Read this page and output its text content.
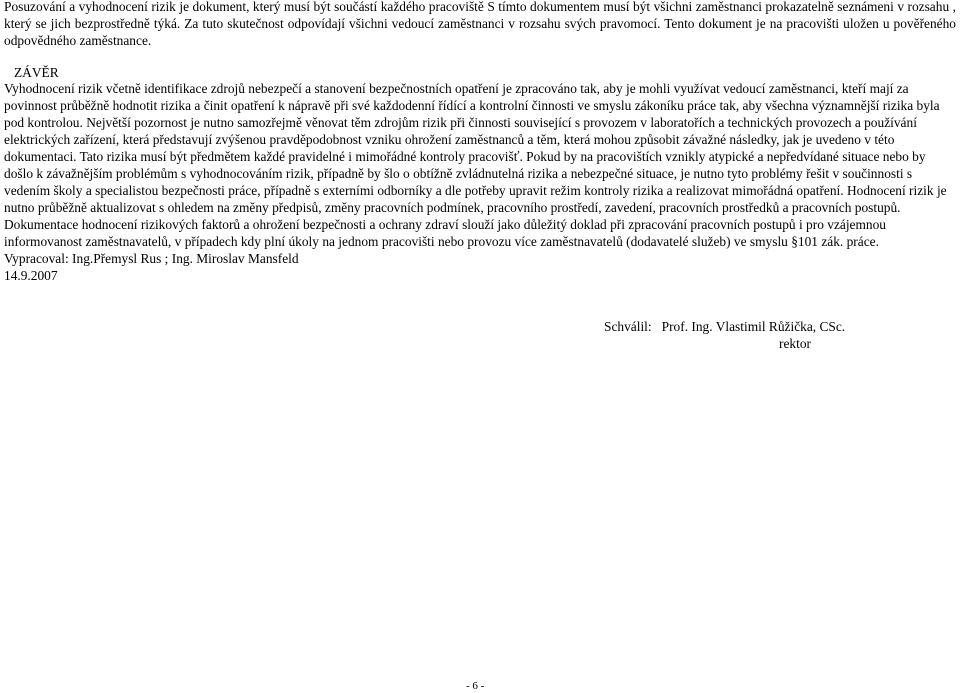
Posuzování a vyhodnocení rizik je dokument, který musí být součástí každého pracoviště S tímto dokumentem musí být všichni zaměstnanci prokazatelně seznámeni v rozsahu , který se jich bezprostředně týká. Za tuto skutečnost odpovídají všichni vedoucí zaměstnanci v rozsahu svých pravomocí. Tento dokument je na pracovišti uložen u pověřeného odpovědného zaměstnance.

ZÁVĚR

Vyhodnocení rizik včetně identifikace zdrojů nebezpečí a stanovení bezpečnostních opatření je zpracováno tak, aby je mohli využívat vedoucí zaměstnanci, kteří mají za povinnost průběžně hodnotit rizika a činit opatření k nápravě při své každodenní řídící a kontrolní činnosti ve smyslu zákoníku práce tak, aby všechna významnější rizika byla pod kontrolou. Největší pozornost je nutno samozřejmě věnovat těm zdrojům rizik při činnosti související s provozem v laboratořích a technických provozech a používání elektrických zařízení, která představují zvýšenou pravděpodobnost vzniku ohrožení zaměstnanců a těm, která mohou způsobit závažné následky, jak je uvedeno v této dokumentaci. Tato rizika musí být předmětem každé pravidelné i mimořádné kontroly pracovišť. Pokud by na pracovištích vznikly atypické a nepředvídané situace nebo by došlo k závažnějším problémům s vyhodnocováním rizik, případně by šlo o obtížně zvládnutelná rizika a nebezpečné situace, je nutno tyto problémy řešit v součinnosti s vedením školy a specialistou bezpečnosti práce, případně s externími odborníky a dle potřeby upravit režim kontroly rizika a realizovat mimořádná opatření. Hodnocení rizik je nutno průběžně aktualizovat s ohledem na změny předpisů, změny pracovních podmínek, pracovního prostředí, zavedení, pracovních prostředků a pracovních postupů.

Dokumentace hodnocení rizikových faktorů a ohrožení bezpečnosti a ochrany zdraví slouží jako důležitý doklad při zpracování pracovních postupů i pro vzájemnou informovanost zaměstnavatelů, v případech kdy plní úkoly na jednom pracovišti nebo provozu více zaměstnavatelů (dodavatelé služeb) ve smyslu §101 zák. práce.

Vypracoval: Ing.Přemysl Rus ; Ing. Miroslav Mansfeld

14.9.2007

Schválil:   Prof. Ing. Vlastimil Růžička, CSc.
rektor
- 6 -
